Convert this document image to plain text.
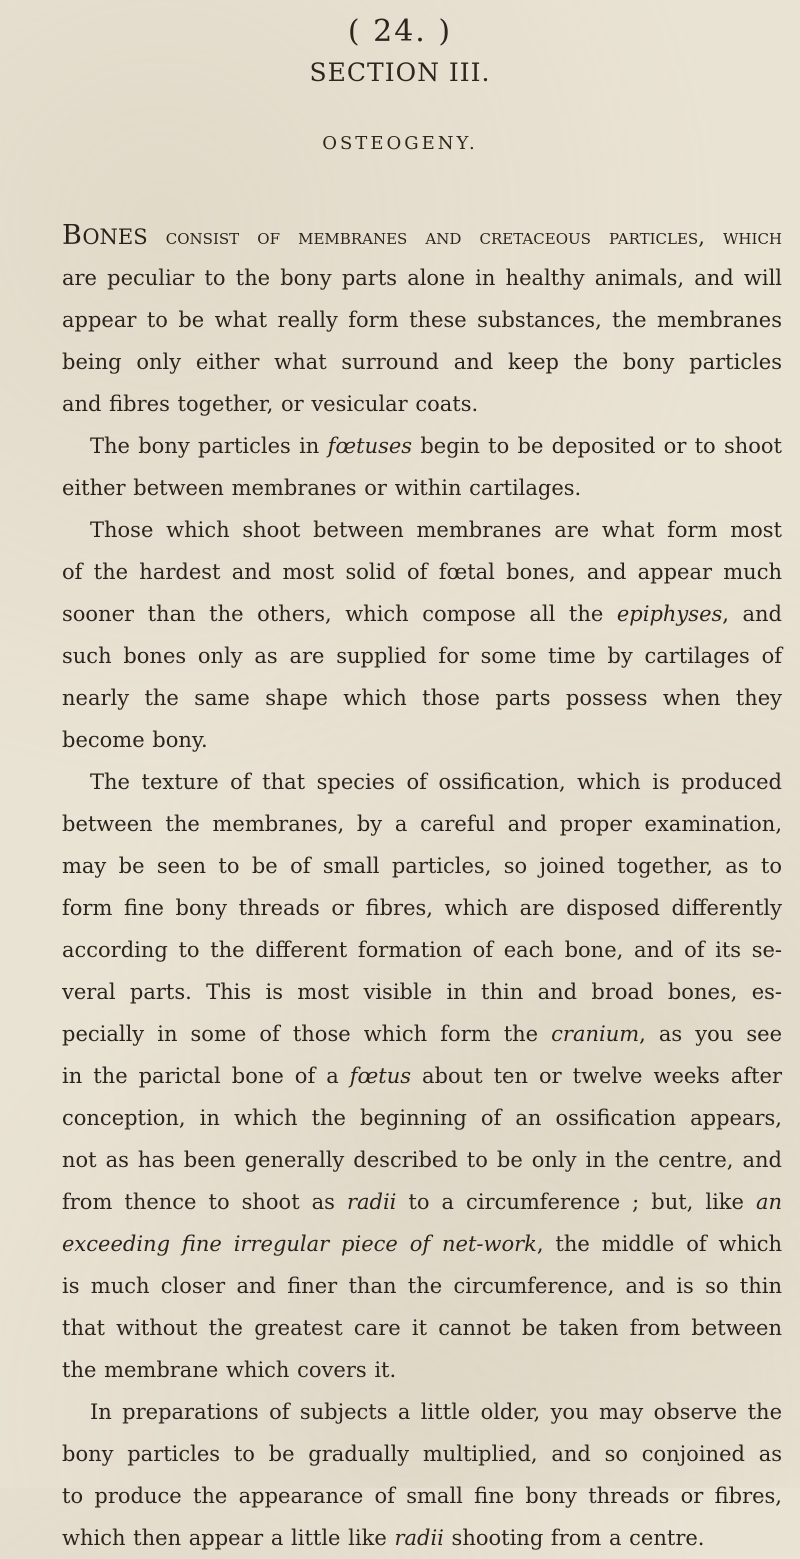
( 24. )
SECTION III.
OSTEOGENY.
BONES consist of membranes and cretaceous particles, which
are peculiar to the bony parts alone in healthy animals, and will
appear to be what really form these substances, the membranes
being only either what surround and keep the bony particles
and fibres together, or vesicular coats.
The bony particles in fœtuses begin to be deposited or to shoot
either between membranes or within cartilages.
Those which shoot between membranes are what form most
of the hardest and most solid of fœtal bones, and appear much
sooner than the others, which compose all the epiphyses, and
such bones only as are supplied for some time by cartilages of
nearly the same shape which those parts possess when they
become bony.
The texture of that species of ossification, which is produced
between the membranes, by a careful and proper examination,
may be seen to be of small particles, so joined together, as to
form fine bony threads or fibres, which are disposed differently
according to the different formation of each bone, and of its se-
veral parts. This is most visible in thin and broad bones, es-
pecially in some of those which form the cranium, as you see
in the parictal bone of a fœtus about ten or twelve weeks after
conception, in which the beginning of an ossification appears,
not as has been generally described to be only in the centre, and
from thence to shoot as radii to a circumference ; but, like an
exceeding fine irregular piece of net-work, the middle of which
is much closer and finer than the circumference, and is so thin
that without the greatest care it cannot be taken from between
the membrane which covers it.
In preparations of subjects a little older, you may observe the
bony particles to be gradually multiplied, and so conjoined as
to produce the appearance of small fine bony threads or fibres,
which then appear a little like radii shooting from a centre.
